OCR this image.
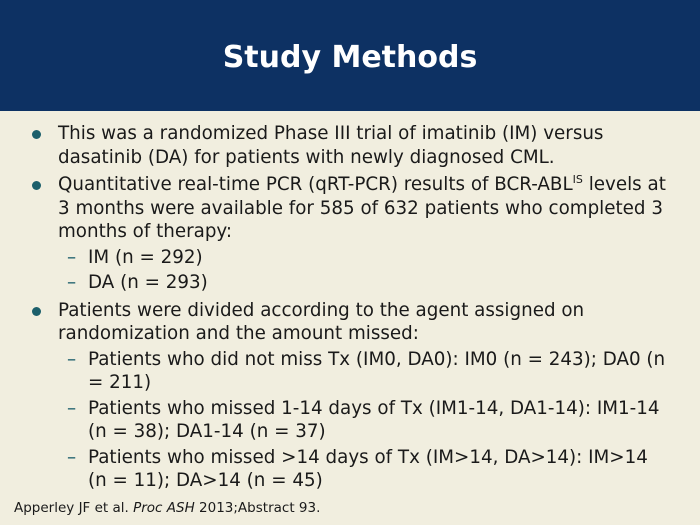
Study Methods
This was a randomized Phase III trial of imatinib (IM) versus dasatinib (DA) for patients with newly diagnosed CML.
Quantitative real-time PCR (qRT-PCR) results of BCR-$ABL^{IS}$ levels at 3 months were available for 585 of 632 patients who completed 3 months of therapy:
– IM (n = 292)
– DA (n = 293)
Patients were divided according to the agent assigned on randomization and the amount missed:
– Patients who did not miss Tx (IM0, DA0): IM0 (n = 243); DA0 (n = 211)
– Patients who missed 1-14 days of Tx (IM1-14, DA1-14): IM1-14 (n = 38); DA1-14 (n = 37)
– Patients who missed >14 days of Tx (IM>14, DA>14): IM>14 (n = 11); DA>14 (n = 45)
Apperley JF et al. Proc ASH 2013;Abstract 93.
